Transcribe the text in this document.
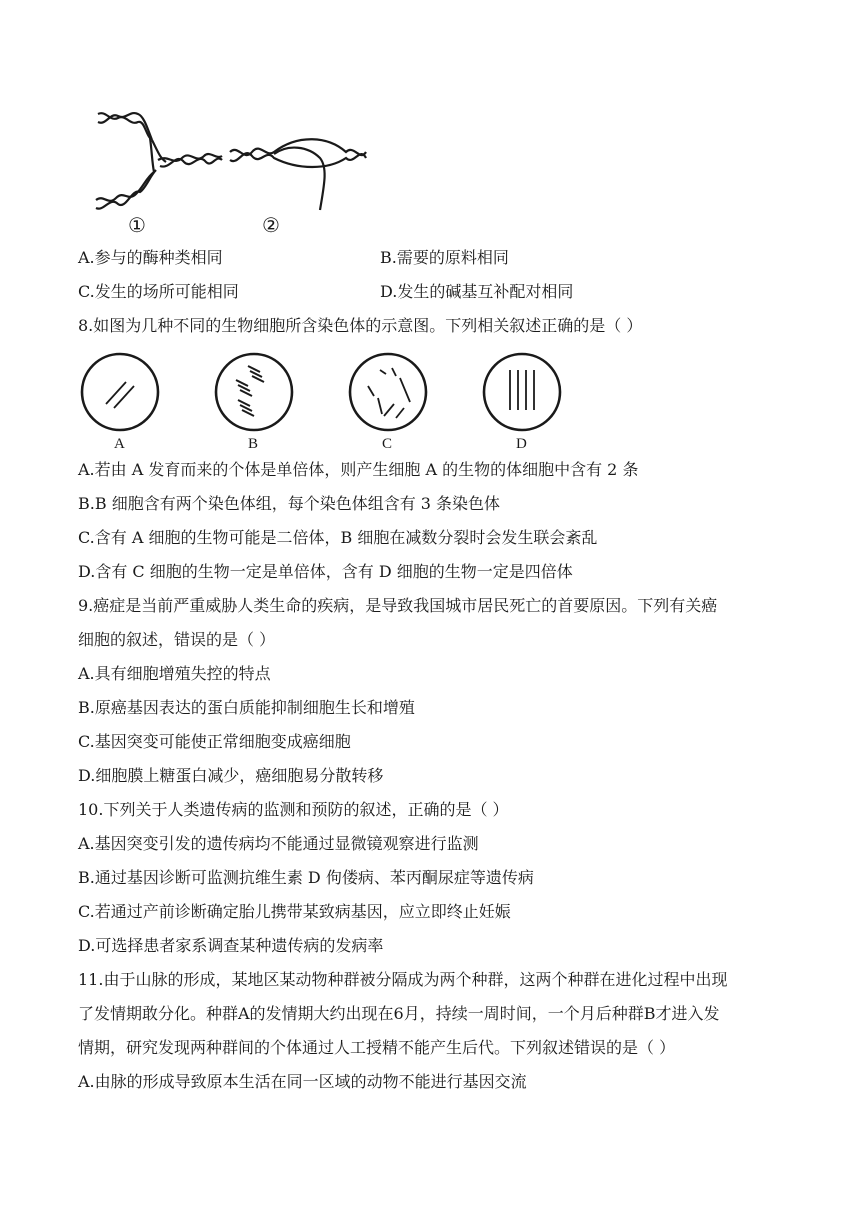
①	②
A.参与的酶种类相同	B.需要的原料相同
C.发生的场所可能相同	D.发生的碱基互补配对相同
8.如图为几种不同的生物细胞所含染色体的示意图。下列相关叙述正确的是（ ）
A	B	C	D
A.若由 A 发育而来的个体是单倍体，则产生细胞 A 的生物的体细胞中含有 2 条
B.B 细胞含有两个染色体组，每个染色体组含有 3 条染色体
C.含有 A 细胞的生物可能是二倍体，B 细胞在减数分裂时会发生联会紊乱
D.含有 C 细胞的生物一定是单倍体，含有 D 细胞的生物一定是四倍体
9.癌症是当前严重威胁人类生命的疾病，是导致我国城市居民死亡的首要原因。下列有关癌
细胞的叙述，错误的是（ ）
A.具有细胞增殖失控的特点
B.原癌基因表达的蛋白质能抑制细胞生长和增殖
C.基因突变可能使正常细胞变成癌细胞
D.细胞膜上糖蛋白减少，癌细胞易分散转移
10.下列关于人类遗传病的监测和预防的叙述，正确的是（ ）
A.基因突变引发的遗传病均不能通过显微镜观察进行监测
B.通过基因诊断可监测抗维生素 D 佝偻病、苯丙酮尿症等遗传病
C.若通过产前诊断确定胎儿携带某致病基因，应立即终止妊娠
D.可选择患者家系调查某种遗传病的发病率
11.由于山脉的形成，某地区某动物种群被分隔成为两个种群，这两个种群在进化过程中出现
了发情期敢分化。种群A的发情期大约出现在6月，持续一周时间，一个月后种群B才进入发
情期，研究发现两种群间的个体通过人工授精不能产生后代。下列叙述错误的是（ ）
A.由脉的形成导致原本生活在同一区域的动物不能进行基因交流
